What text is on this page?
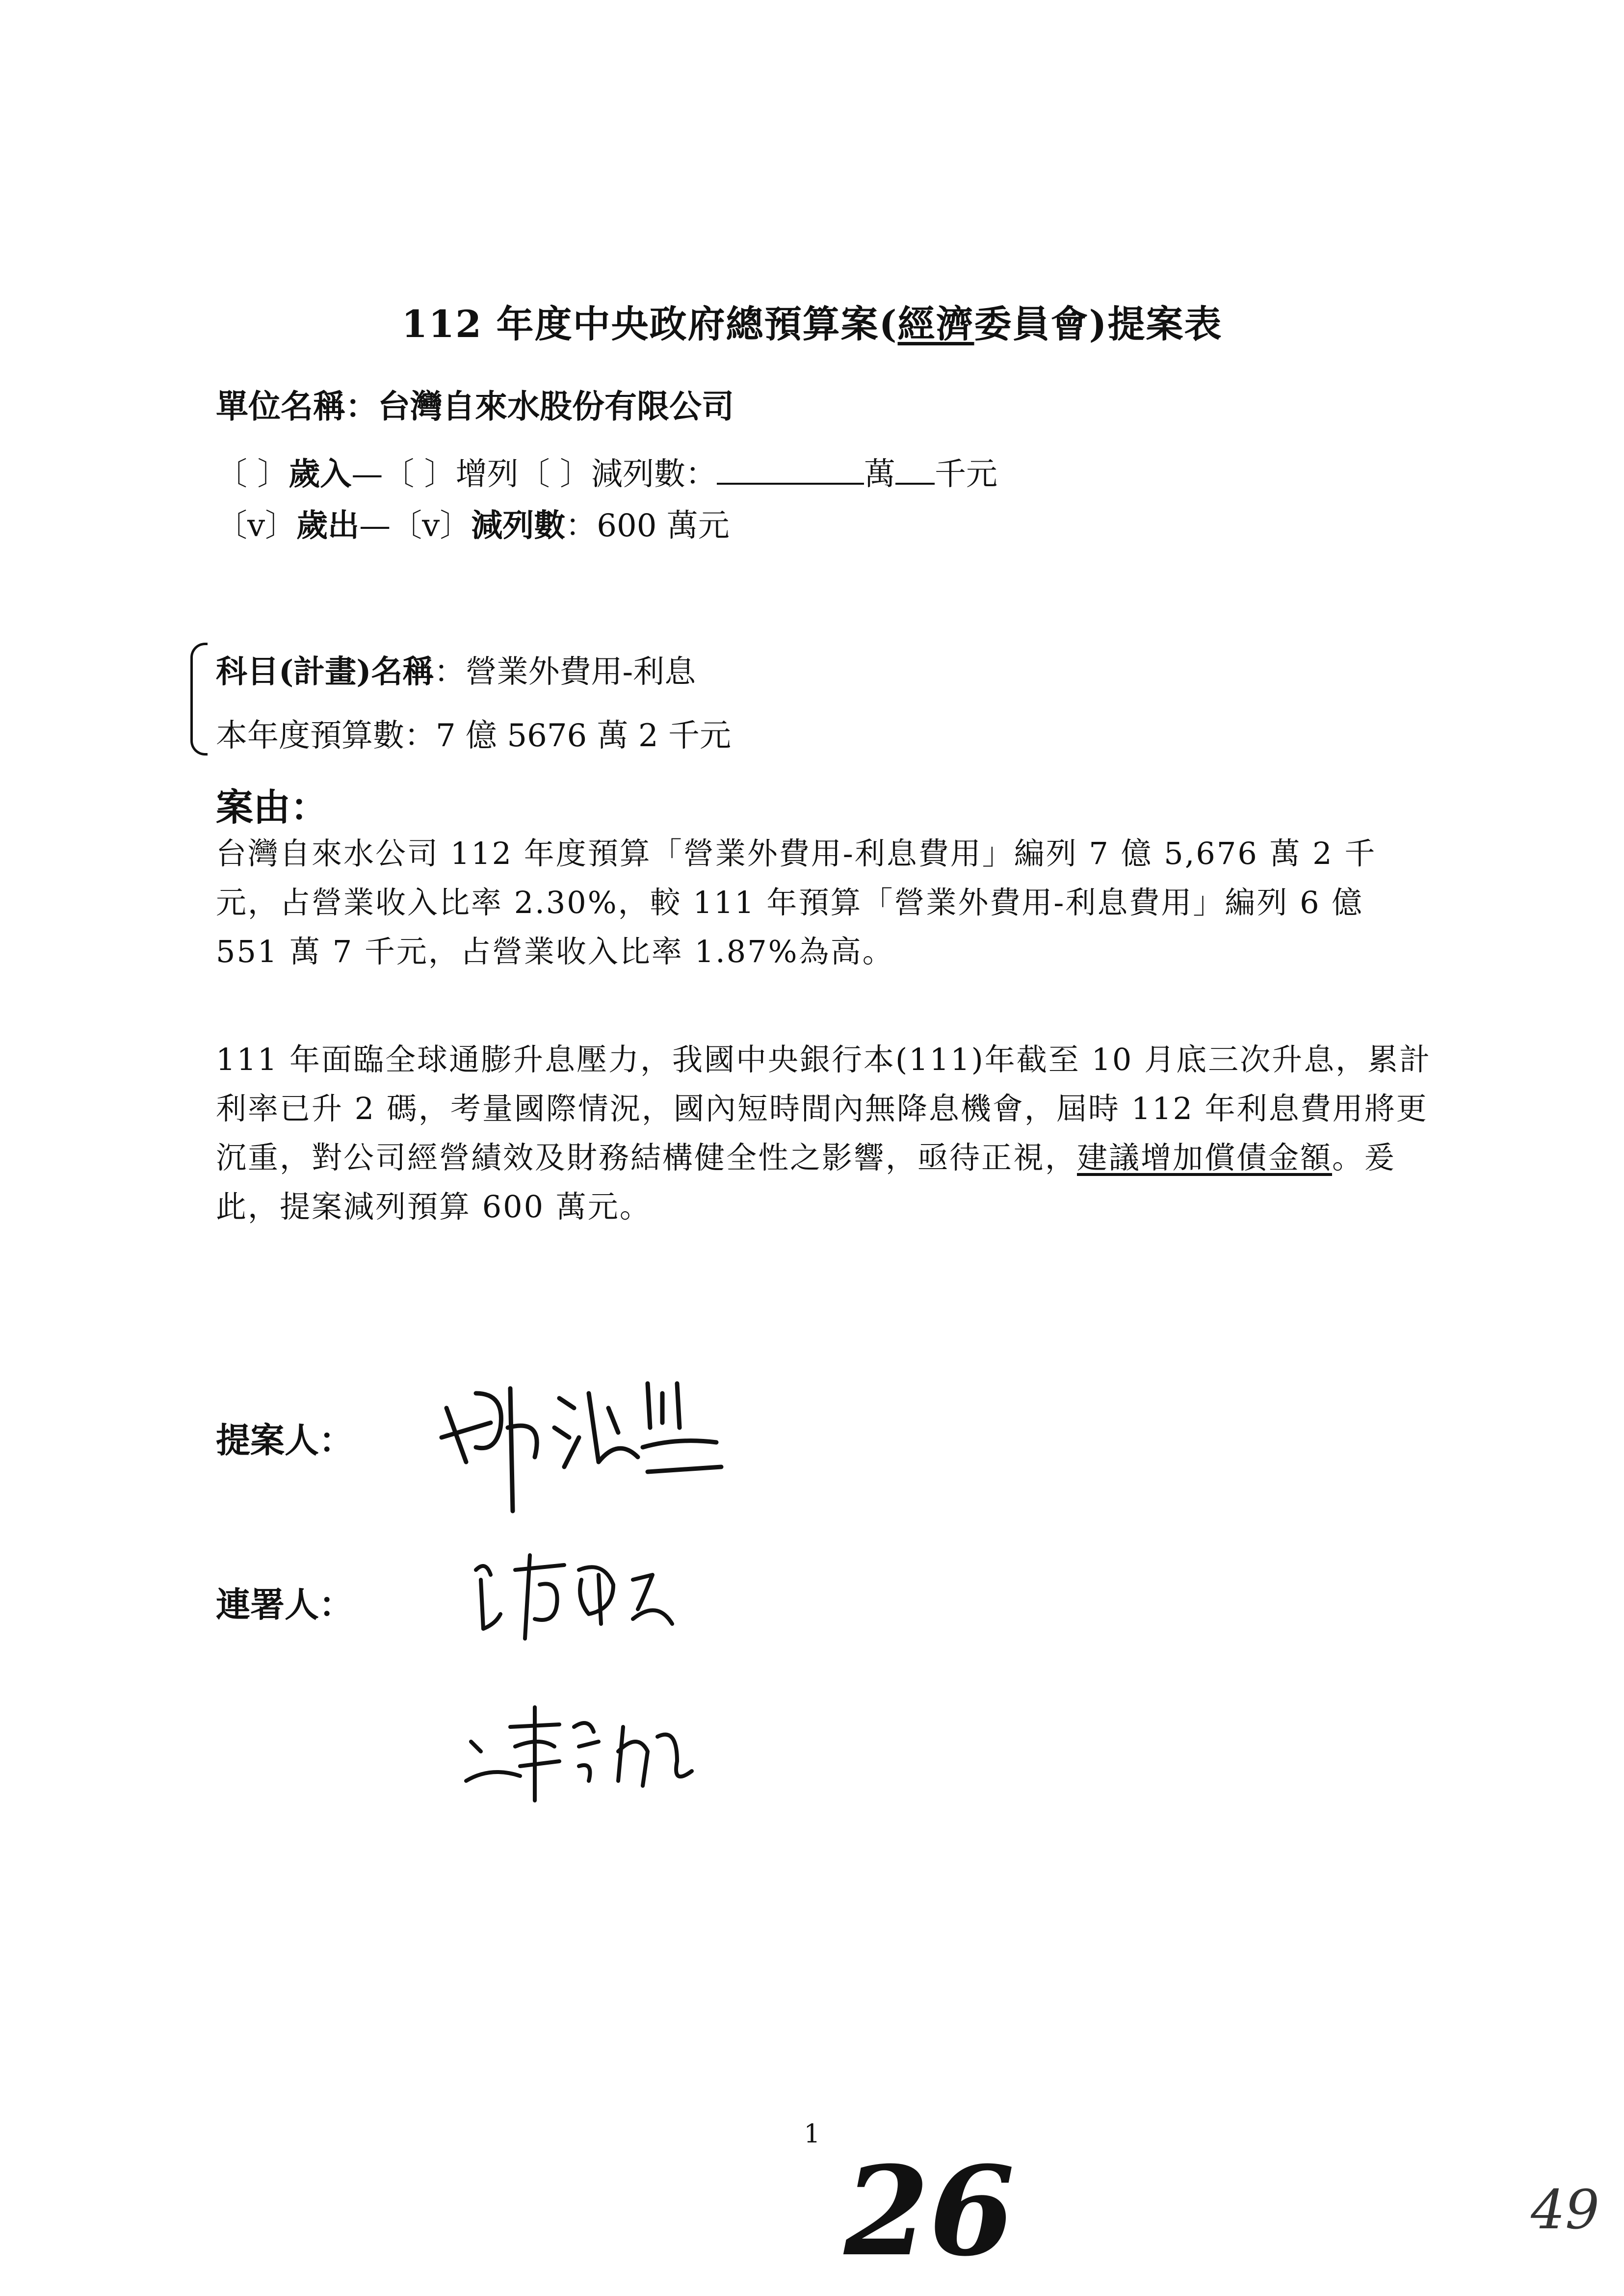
112 年度中央政府總預算案(經濟委員會)提案表
單位名稱：台灣自來水股份有限公司
〔 〕歲入—〔 〕增列〔 〕減列數：	萬 千元
〔v〕歲出—〔v〕減列數：600 萬元
科目(計畫)名稱：營業外費用-利息
本年度預算數：7 億 5676 萬 2 千元
案由：
台灣自來水公司 112 年度預算「營業外費用-利息費用」編列 7 億 5,676 萬 2 千元，占營業收入比率 2.30%，較 111 年預算「營業外費用-利息費用」編列 6 億 551 萬 7 千元，占營業收入比率 1.87%為高。
111 年面臨全球通膨升息壓力，我國中央銀行本(111)年截至 10 月底三次升息，累計利率已升 2 碼，考量國際情況，國內短時間內無降息機會，屆時 112 年利息費用將更沉重，對公司經營績效及財務結構健全性之影響，亟待正視，建議增加償債金額。爰此，提案減列預算 600 萬元。
提案人：
連署人：
1
26	49
